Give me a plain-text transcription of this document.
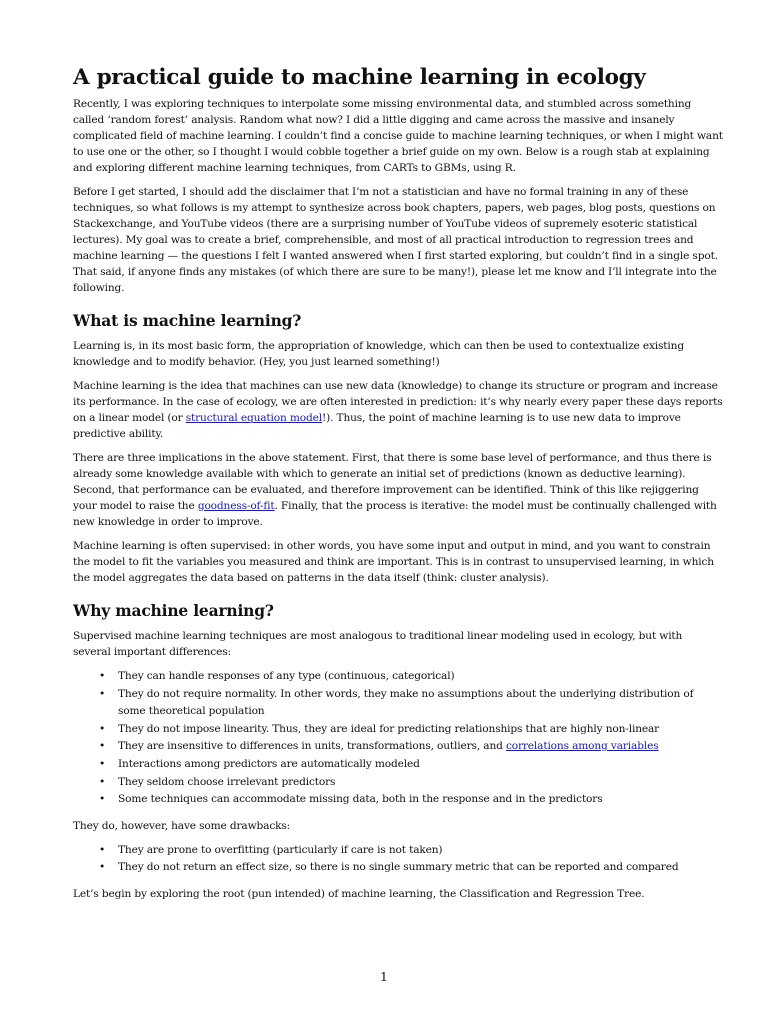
A practical guide to machine learning in ecology

Recently, I was exploring techniques to interpolate some missing environmental data, and stumbled across something called ‘random forest’ analysis. Random what now? I did a little digging and came across the massive and insanely complicated field of machine learning. I couldn’t find a concise guide to machine learning techniques, or when I might want to use one or the other, so I thought I would cobble together a brief guide on my own. Below is a rough stab at explaining and exploring different machine learning techniques, from CARTs to GBMs, using R.

Before I get started, I should add the disclaimer that I’m not a statistician and have no formal training in any of these techniques, so what follows is my attempt to synthesize across book chapters, papers, web pages, blog posts, questions on Stackexchange, and YouTube videos (there are a surprising number of YouTube videos of supremely esoteric statistical lectures). My goal was to create a brief, comprehensible, and most of all practical introduction to regression trees and machine learning — the questions I felt I wanted answered when I first started exploring, but couldn’t find in a single spot. That said, if anyone finds any mistakes (of which there are sure to be many!), please let me know and I’ll integrate into the following.

What is machine learning?

Learning is, in its most basic form, the appropriation of knowledge, which can then be used to contextualize existing knowledge and to modify behavior. (Hey, you just learned something!)

Machine learning is the idea that machines can use new data (knowledge) to change its structure or program and increase its performance. In the case of ecology, we are often interested in prediction: it’s why nearly every paper these days reports on a linear model (or structural equation model!). Thus, the point of machine learning is to use new data to improve predictive ability.

There are three implications in the above statement. First, that there is some base level of performance, and thus there is already some knowledge available with which to generate an initial set of predictions (known as deductive learning). Second, that performance can be evaluated, and therefore improvement can be identified. Think of this like rejiggering your model to raise the goodness-of-fit. Finally, that the process is iterative: the model must be continually challenged with new knowledge in order to improve.

Machine learning is often supervised: in other words, you have some input and output in mind, and you want to constrain the model to fit the variables you measured and think are important. This is in contrast to unsupervised learning, in which the model aggregates the data based on patterns in the data itself (think: cluster analysis).

Why machine learning?

Supervised machine learning techniques are most analogous to traditional linear modeling used in ecology, but with several important differences:

• They can handle responses of any type (continuous, categorical)
• They do not require normality. In other words, they make no assumptions about the underlying distribution of some theoretical population
• They do not impose linearity. Thus, they are ideal for predicting relationships that are highly non-linear
• They are insensitive to differences in units, transformations, outliers, and correlations among variables
• Interactions among predictors are automatically modeled
• They seldom choose irrelevant predictors
• Some techniques can accommodate missing data, both in the response and in the predictors

They do, however, have some drawbacks:

• They are prone to overfitting (particularly if care is not taken)
• They do not return an effect size, so there is no single summary metric that can be reported and compared

Let’s begin by exploring the root (pun intended) of machine learning, the Classification and Regression Tree.

1
